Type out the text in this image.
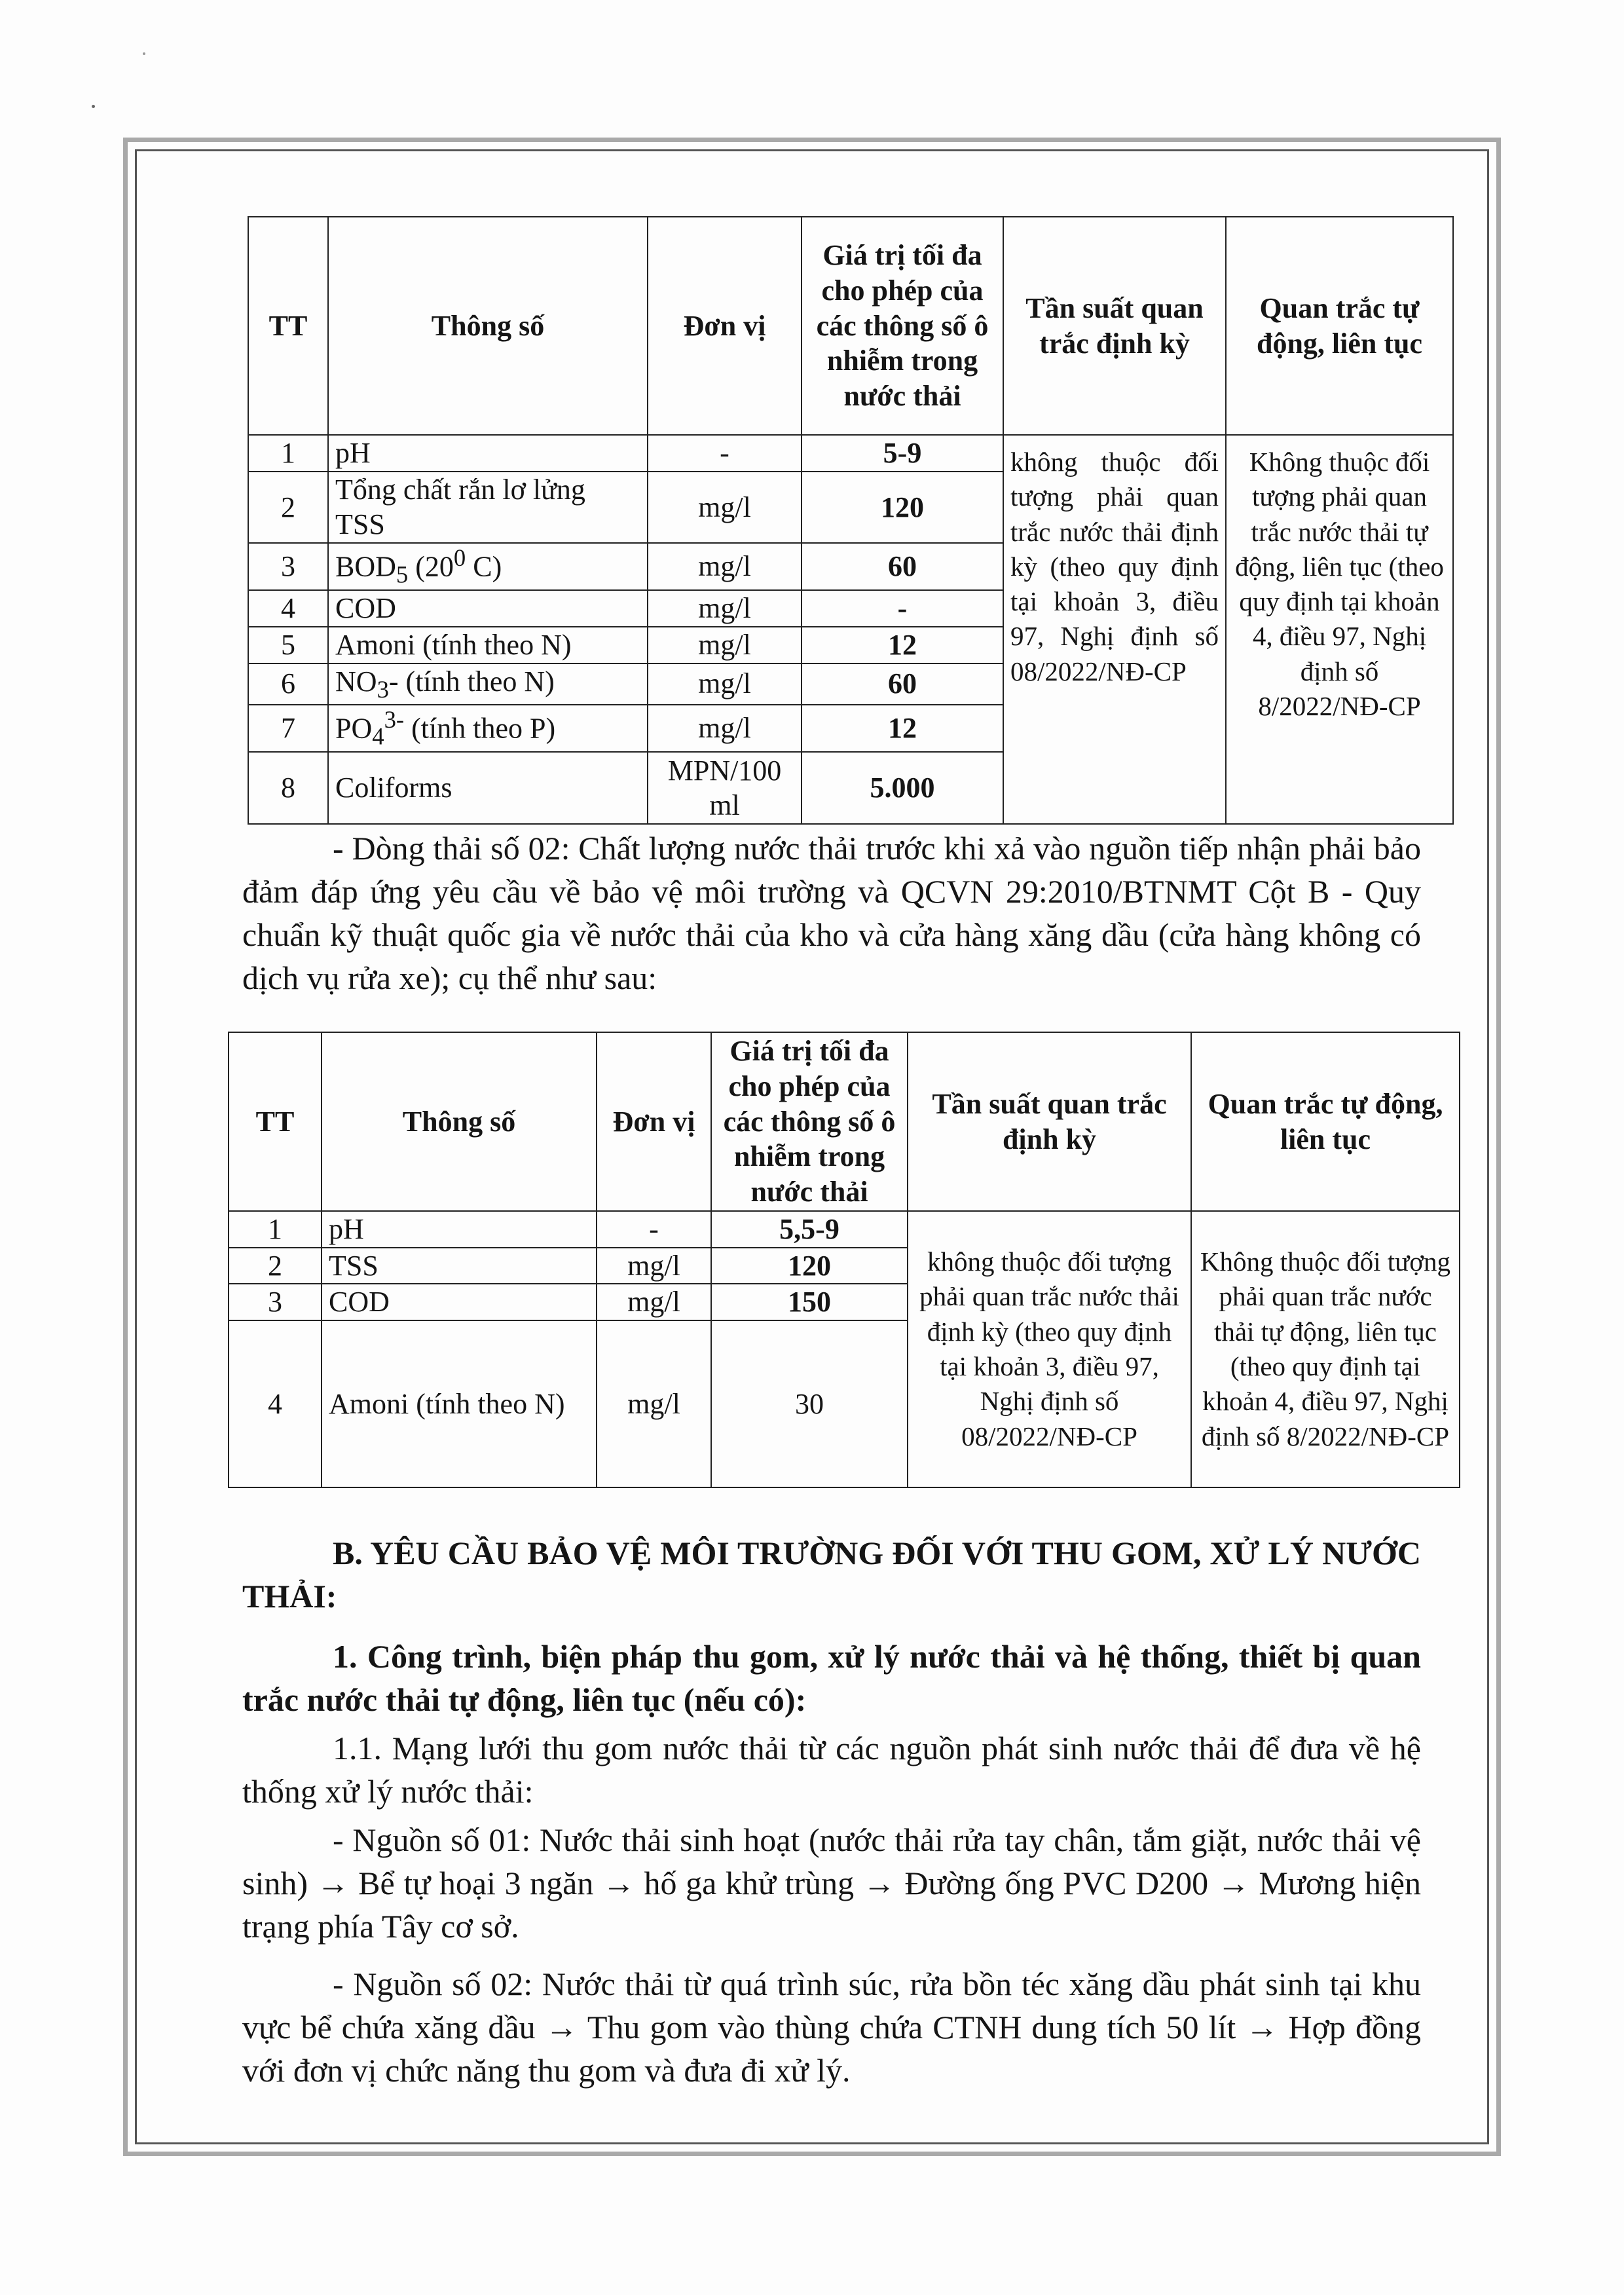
TT	Thông số	Đơn vị	Giá trị tối đa cho phép của các thông số ô nhiễm trong nước thải	Tần suất quan trắc định kỳ	Quan trắc tự động, liên tục
1	pH	-	5-9	không thuộc đối tượng phải quan trắc nước thải định kỳ (theo quy định tại khoản 3, điều 97, Nghị định số 08/2022/NĐ-CP	Không thuộc đối tượng phải quan trắc nước thải tự động, liên tục (theo quy định tại khoản 4, điều 97, Nghị định số 8/2022/NĐ-CP
2	Tổng chất rắn lơ lửng TSS	mg/l	120		
3	$BOD_5$ ($20^0$ C)	mg/l	60		
4	COD	mg/l	-		
5	Amoni (tính theo N)	mg/l	12		
6	$NO_3-$ (tính theo N)	mg/l	60		
7	$PO_4^{3-}$ (tính theo P)	mg/l	12		
8	Coliforms	MPN/100 ml	5.000		

- Dòng thải số 02: Chất lượng nước thải trước khi xả vào nguồn tiếp nhận phải bảo đảm đáp ứng yêu cầu về bảo vệ môi trường và QCVN 29:2010/BTNMT Cột B - Quy chuẩn kỹ thuật quốc gia về nước thải của kho và cửa hàng xăng dầu (cửa hàng không có dịch vụ rửa xe); cụ thể như sau:

TT	Thông số	Đơn vị	Giá trị tối đa cho phép của các thông số ô nhiễm trong nước thải	Tần suất quan trắc định kỳ	Quan trắc tự động, liên tục
1	pH	-	5,5-9	không thuộc đối tượng phải quan trắc nước thải định kỳ (theo quy định tại khoản 3, điều 97, Nghị định số 08/2022/NĐ-CP	Không thuộc đối tượng phải quan trắc nước thải tự động, liên tục (theo quy định tại khoản 4, điều 97, Nghị định số 8/2022/NĐ-CP
2	TSS	mg/l	120		
3	COD	mg/l	150		
4	Amoni (tính theo N)	mg/l	30		

B. YÊU CẦU BẢO VỆ MÔI TRƯỜNG ĐỐI VỚI THU GOM, XỬ LÝ NƯỚC THẢI:

1. Công trình, biện pháp thu gom, xử lý nước thải và hệ thống, thiết bị quan trắc nước thải tự động, liên tục (nếu có):

1.1. Mạng lưới thu gom nước thải từ các nguồn phát sinh nước thải để đưa về hệ thống xử lý nước thải:

- Nguồn số 01: Nước thải sinh hoạt (nước thải rửa tay chân, tắm giặt, nước thải vệ sinh) → Bể tự hoại 3 ngăn → hố ga khử trùng → Đường ống PVC D200 → Mương hiện trạng phía Tây cơ sở.

- Nguồn số 02: Nước thải từ quá trình súc, rửa bồn téc xăng dầu phát sinh tại khu vực bể chứa xăng dầu → Thu gom vào thùng chứa CTNH dung tích 50 lít → Hợp đồng với đơn vị chức năng thu gom và đưa đi xử lý.
